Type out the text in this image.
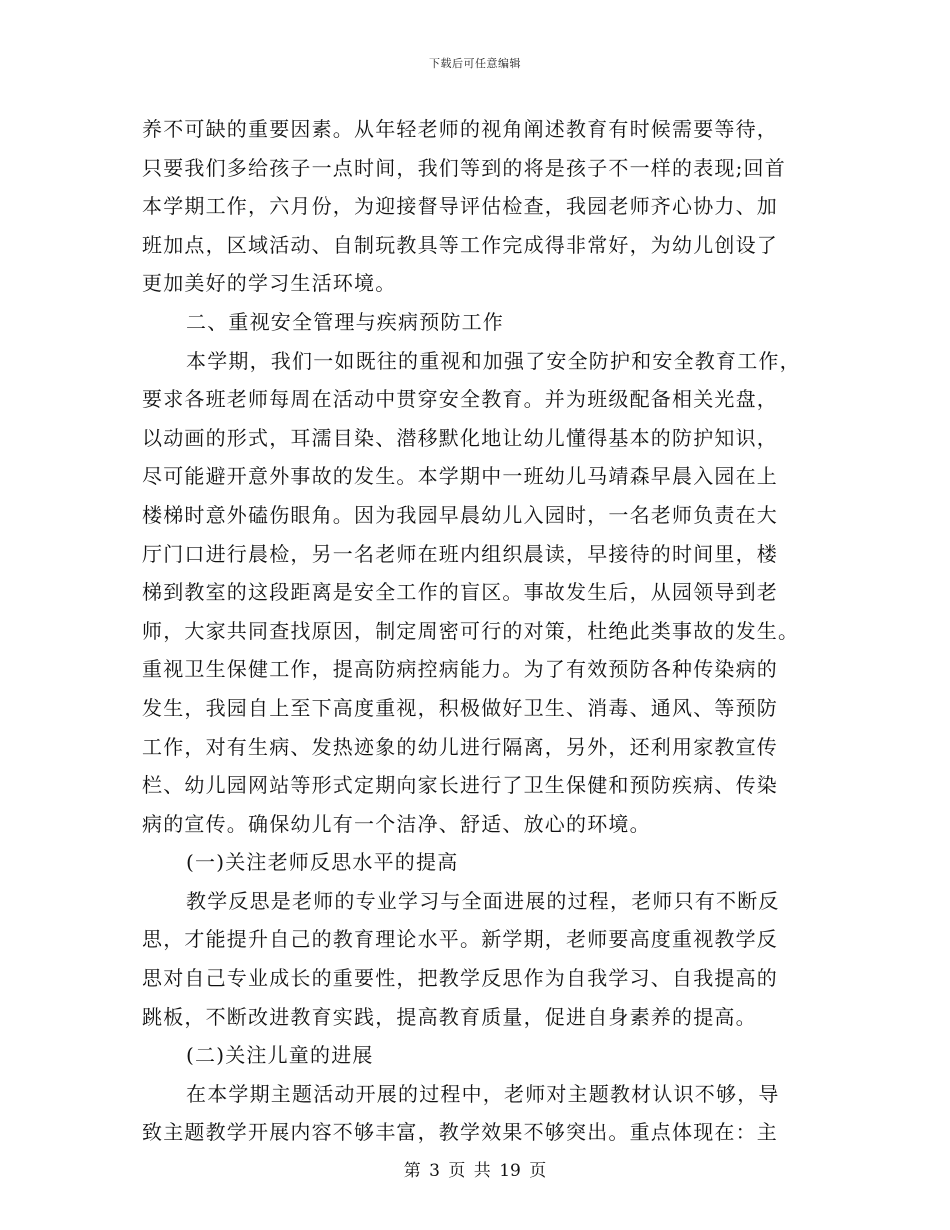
下载后可任意编辑
养不可缺的重要因素。从年轻老师的视角阐述教育有时候需要等待，
只要我们多给孩子一点时间，我们等到的将是孩子不一样的表现;回首
本学期工作，六月份，为迎接督导评估检查，我园老师齐心协力、加
班加点，区域活动、自制玩教具等工作完成得非常好，为幼儿创设了
更加美好的学习生活环境。
二、重视安全管理与疾病预防工作
本学期，我们一如既往的重视和加强了安全防护和安全教育工作，
要求各班老师每周在活动中贯穿安全教育。并为班级配备相关光盘，
以动画的形式，耳濡目染、潜移默化地让幼儿懂得基本的防护知识，
尽可能避开意外事故的发生。本学期中一班幼儿马靖森早晨入园在上
楼梯时意外磕伤眼角。因为我园早晨幼儿入园时，一名老师负责在大
厅门口进行晨检，另一名老师在班内组织晨读，早接待的时间里，楼
梯到教室的这段距离是安全工作的盲区。事故发生后，从园领导到老
师，大家共同查找原因，制定周密可行的对策，杜绝此类事故的发生。
重视卫生保健工作，提高防病控病能力。为了有效预防各种传染病的
发生，我园自上至下高度重视，积极做好卫生、消毒、通风、等预防
工作，对有生病、发热迹象的幼儿进行隔离，另外，还利用家教宣传
栏、幼儿园网站等形式定期向家长进行了卫生保健和预防疾病、传染
病的宣传。确保幼儿有一个洁净、舒适、放心的环境。
(一)关注老师反思水平的提高
教学反思是老师的专业学习与全面进展的过程，老师只有不断反
思，才能提升自己的教育理论水平。新学期，老师要高度重视教学反
思对自己专业成长的重要性，把教学反思作为自我学习、自我提高的
跳板，不断改进教育实践，提高教育质量，促进自身素养的提高。
(二)关注儿童的进展
在本学期主题活动开展的过程中，老师对主题教材认识不够，导
致主题教学开展内容不够丰富，教学效果不够突出。重点体现在：主
第 3 页 共 19 页
